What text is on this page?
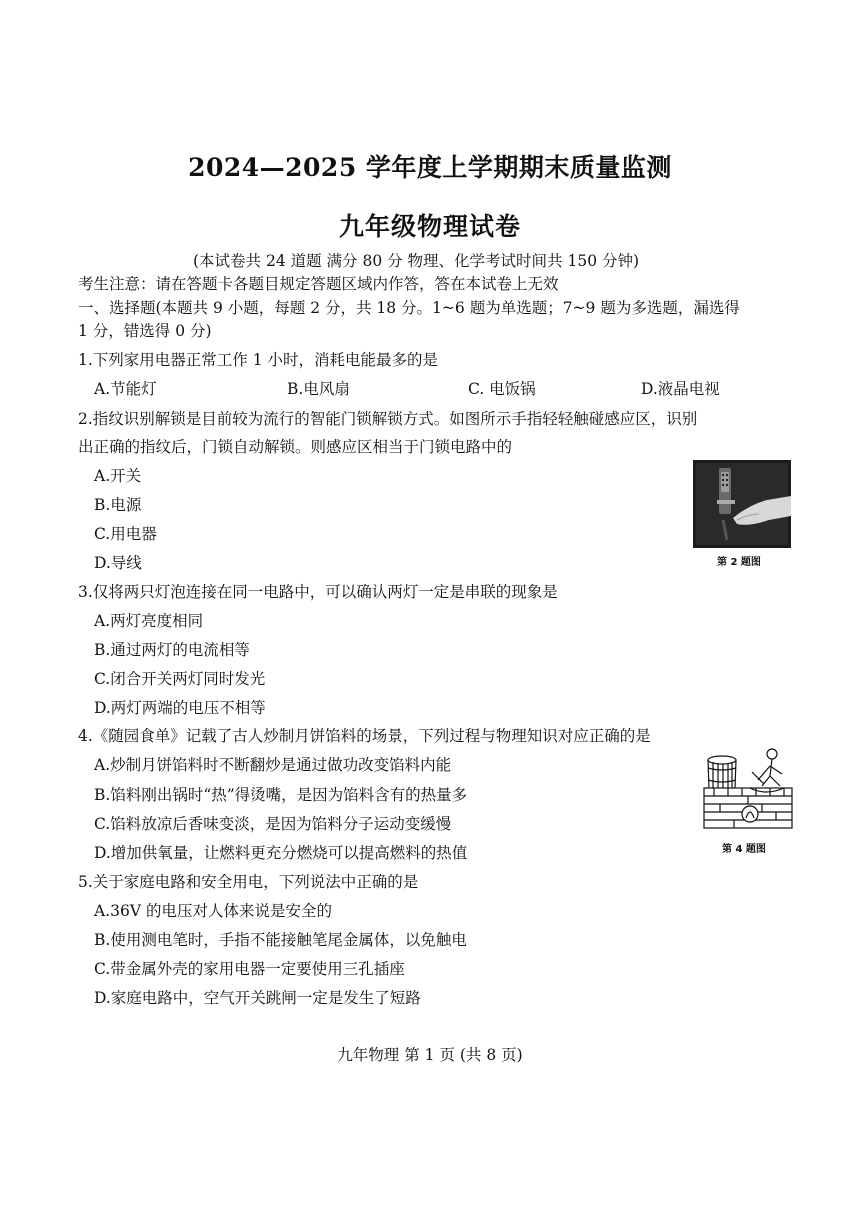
2024—2025 学年度上学期期末质量监测
九年级物理试卷
(本试卷共 24 道题 满分 80 分 物理、化学考试时间共 150 分钟)
考生注意：请在答题卡各题目规定答题区域内作答，答在本试卷上无效
一、选择题(本题共 9 小题，每题 2 分，共 18 分。1~6 题为单选题；7~9 题为多选题，漏选得
1 分，错选得 0 分)
1.下列家用电器正常工作 1 小时，消耗电能最多的是
A.节能灯	B.电风扇	C. 电饭锅	D.液晶电视
2.指纹识别解锁是目前较为流行的智能门锁解锁方式。如图所示手指轻轻触碰感应区，识别
出正确的指纹后，门锁自动解锁。则感应区相当于门锁电路中的
A.开关
B.电源
C.用电器
D.导线	第 2 题图
3.仅将两只灯泡连接在同一电路中，可以确认两灯一定是串联的现象是
A.两灯亮度相同
B.通过两灯的电流相等
C.闭合开关两灯同时发光
D.两灯两端的电压不相等
4.《随园食单》记载了古人炒制月饼馅料的场景，下列过程与物理知识对应正确的是
A.炒制月饼馅料时不断翻炒是通过做功改变馅料内能
B.馅料刚出锅时“热”得烫嘴，是因为馅料含有的热量多
C.馅料放凉后香味变淡，是因为馅料分子运动变缓慢
D.增加供氧量，让燃料更充分燃烧可以提高燃料的热值	第 4 题图
5.关于家庭电路和安全用电，下列说法中正确的是
A.36V 的电压对人体来说是安全的
B.使用测电笔时，手指不能接触笔尾金属体，以免触电
C.带金属外壳的家用电器一定要使用三孔插座
D.家庭电路中，空气开关跳闸一定是发生了短路
九年物理 第 1 页 (共 8 页)
